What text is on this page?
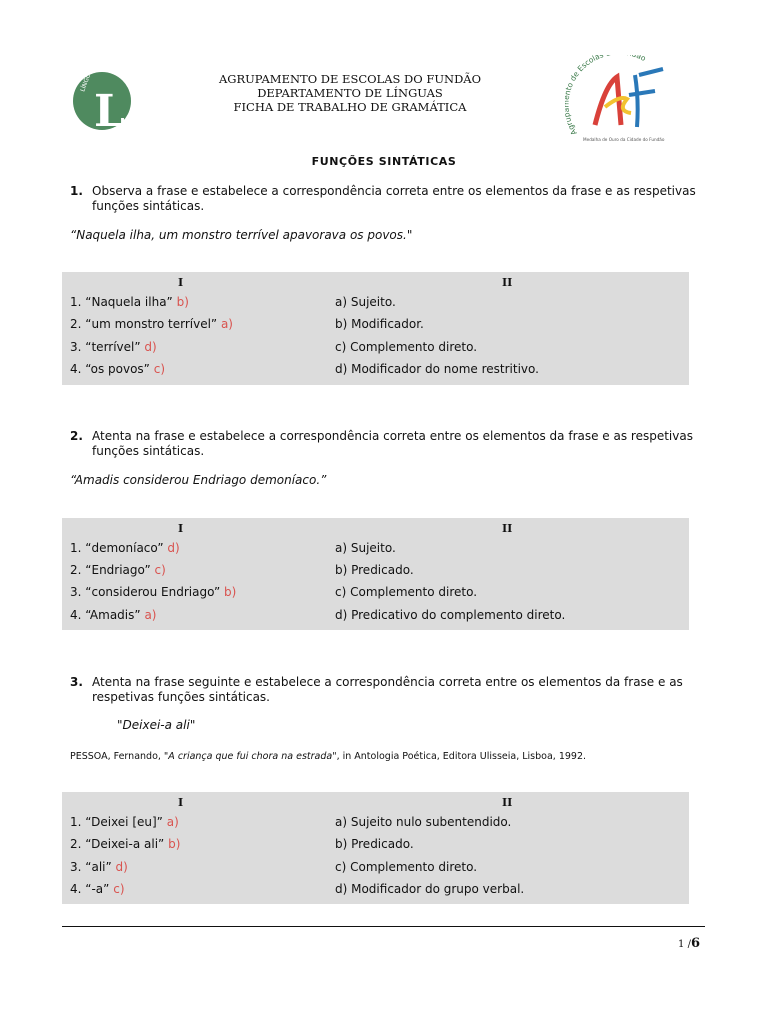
LÍNGUAS
L
AGRUPAMENTO DE ESCOLAS DO FUNDÃO
DEPARTAMENTO DE LÍNGUAS
FICHA DE TRABALHO DE GRAMÁTICA
Agr o de Escolas ão
Medalha de Ouro da Cidade do Fundão
AeF
FUNÇÕES SINTÁTICAS
1. Observa a frase e estabelece a correspondência correta entre os elementos da frase e as respetivas funções sintáticas.
“Naquela ilha, um monstro terrível apavorava os povos."
I	II
1. “Naquela ilha” b)	a) Sujeito.
2. “um monstro terrível” a)	b) Modificador.
3. “terrível” d)	c) Complemento direto.
4. “os povos” c)	d) Modificador do nome restritivo.
2. Atenta na frase e estabelece a correspondência correta entre os elementos da frase e as respetivas funções sintáticas.
“Amadis considerou Endriago demoníaco.”
I	II
1. “demoníaco” d)	a) Sujeito.
2. “Endriago” c)	b) Predicado.
3. “considerou Endriago” b)	c) Complemento direto.
4. “Amadis” a)	d) Predicativo do complemento direto.
3. Atenta na frase seguinte e estabelece a correspondência correta entre os elementos da frase e as respetivas funções sintáticas.
"Deixei-a ali"
PESSOA, Fernando, "A criança que fui chora na estrada", in Antologia Poética, Editora Ulisseia, Lisboa, 1992.
I	II
1. “Deixei [eu]” a)	a) Sujeito nulo subentendido.
2. “Deixei-a ali” b)	b) Predicado.
3. “ali” d)	c) Complemento direto.
4. “-a” c)	d) Modificador do grupo verbal.
1 /6
